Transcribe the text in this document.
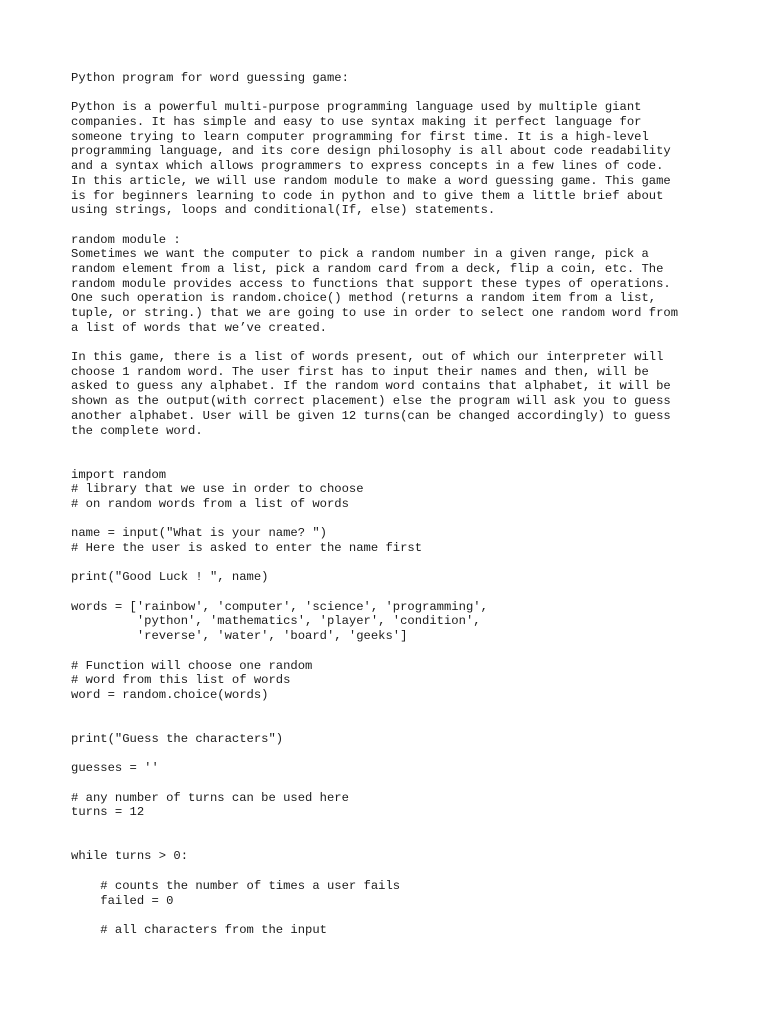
Python program for word guessing game:
Python is a powerful multi-purpose programming language used by multiple giant
companies. It has simple and easy to use syntax making it perfect language for
someone trying to learn computer programming for first time. It is a high-level
programming language, and its core design philosophy is all about code readability
and a syntax which allows programmers to express concepts in a few lines of code.
In this article, we will use random module to make a word guessing game. This game
is for beginners learning to code in python and to give them a little brief about
using strings, loops and conditional(If, else) statements.
random module :
Sometimes we want the computer to pick a random number in a given range, pick a
random element from a list, pick a random card from a deck, flip a coin, etc. The
random module provides access to functions that support these types of operations.
One such operation is random.choice() method (returns a random item from a list,
tuple, or string.) that we are going to use in order to select one random word from
a list of words that we’ve created.
In this game, there is a list of words present, out of which our interpreter will
choose 1 random word. The user first has to input their names and then, will be
asked to guess any alphabet. If the random word contains that alphabet, it will be
shown as the output(with correct placement) else the program will ask you to guess
another alphabet. User will be given 12 turns(can be changed accordingly) to guess
the complete word.
import random
# library that we use in order to choose
# on random words from a list of words
name = input("What is your name? ")
# Here the user is asked to enter the name first
print("Good Luck ! ", name)
words = ['rainbow', 'computer', 'science', 'programming',
'python', 'mathematics', 'player', 'condition',
'reverse', 'water', 'board', 'geeks']
# Function will choose one random
# word from this list of words
word = random.choice(words)
print("Guess the characters")
guesses = ''
# any number of turns can be used here
turns = 12
while turns > 0:
# counts the number of times a user fails
failed = 0
# all characters from the input
